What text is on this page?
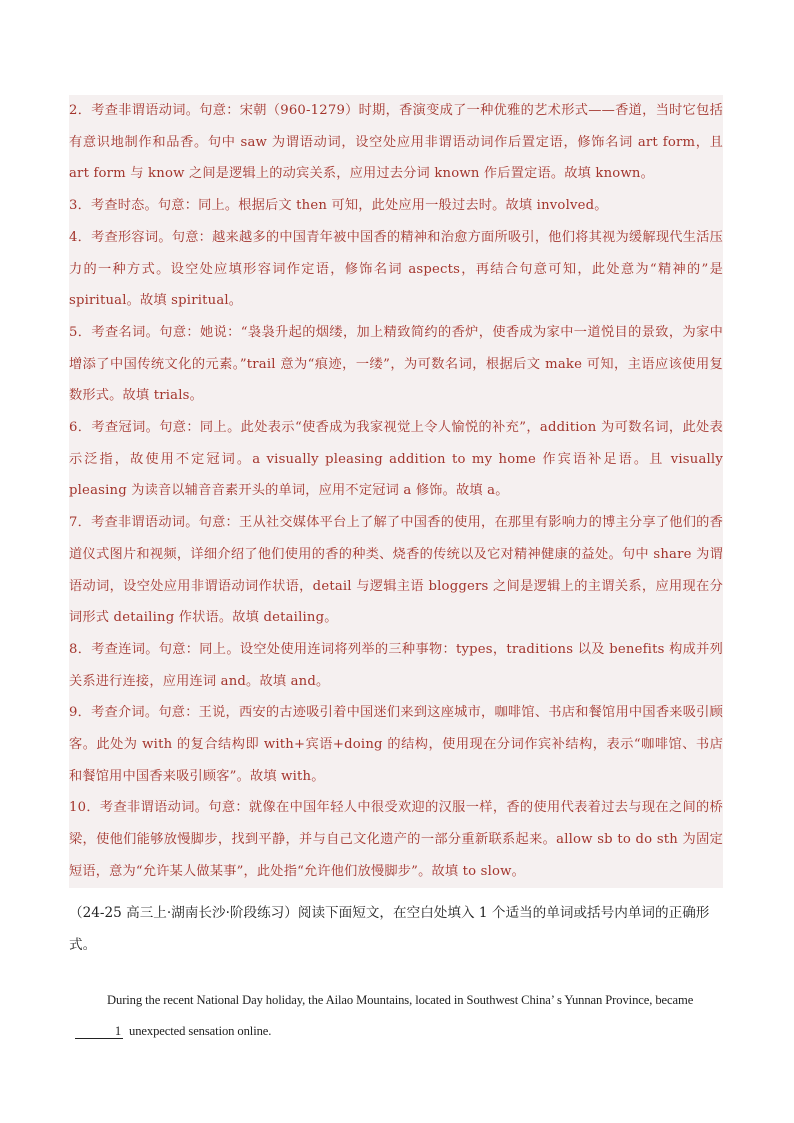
2．考查非谓语动词。句意：宋朝（960-1279）时期，香演变成了一种优雅的艺术形式——香道，当时它包括有意识地制作和品香。句中 saw 为谓语动词，设空处应用非谓语动词作后置定语，修饰名词 art form，且 art form 与 know 之间是逻辑上的动宾关系，应用过去分词 known 作后置定语。故填 known。

3．考查时态。句意：同上。根据后文 then 可知，此处应用一般过去时。故填 involved。

4．考查形容词。句意：越来越多的中国青年被中国香的精神和治愈方面所吸引，他们将其视为缓解现代生活压力的一种方式。设空处应填形容词作定语，修饰名词 aspects，再结合句意可知，此处意为“精神的”是 spiritual。故填 spiritual。

5．考查名词。句意：她说：“袅袅升起的烟缕，加上精致简约的香炉，使香成为家中一道悦目的景致，为家中增添了中国传统文化的元素。”trail 意为“痕迹，一缕”，为可数名词，根据后文 make 可知，主语应该使用复数形式。故填 trials。

6．考查冠词。句意：同上。此处表示“使香成为我家视觉上令人愉悦的补充”，addition 为可数名词，此处表示泛指，故使用不定冠词。a visually pleasing addition to my home 作宾语补足语。且 visually pleasing 为读音以辅音音素开头的单词，应用不定冠词 a 修饰。故填 a。

7．考查非谓语动词。句意：王从社交媒体平台上了解了中国香的使用，在那里有影响力的博主分享了他们的香道仪式图片和视频，详细介绍了他们使用的香的种类、烧香的传统以及它对精神健康的益处。句中 share 为谓语动词，设空处应用非谓语动词作状语，detail 与逻辑主语 bloggers 之间是逻辑上的主谓关系，应用现在分词形式 detailing 作状语。故填 detailing。

8．考查连词。句意：同上。设空处使用连词将列举的三种事物：types，traditions 以及 benefits 构成并列关系进行连接，应用连词 and。故填 and。

9．考查介词。句意：王说，西安的古迹吸引着中国迷们来到这座城市，咖啡馆、书店和餐馆用中国香来吸引顾客。此处为 with 的复合结构即 with+宾语+doing 的结构，使用现在分词作宾补结构，表示“咖啡馆、书店和餐馆用中国香来吸引顾客”。故填 with。

10．考查非谓语动词。句意：就像在中国年轻人中很受欢迎的汉服一样，香的使用代表着过去与现在之间的桥梁，使他们能够放慢脚步，找到平静，并与自己文化遗产的一部分重新联系起来。allow sb to do sth 为固定短语，意为“允许某人做某事”，此处指“允许他们放慢脚步”。故填 to slow。

（24-25 高三上·湖南长沙·阶段练习）阅读下面短文，在空白处填入 1 个适当的单词或括号内单词的正确形式。

During the recent National Day holiday, the Ailao Mountains, located in Southwest China’ s Yunnan Province, became1 unexpected sensation online.
